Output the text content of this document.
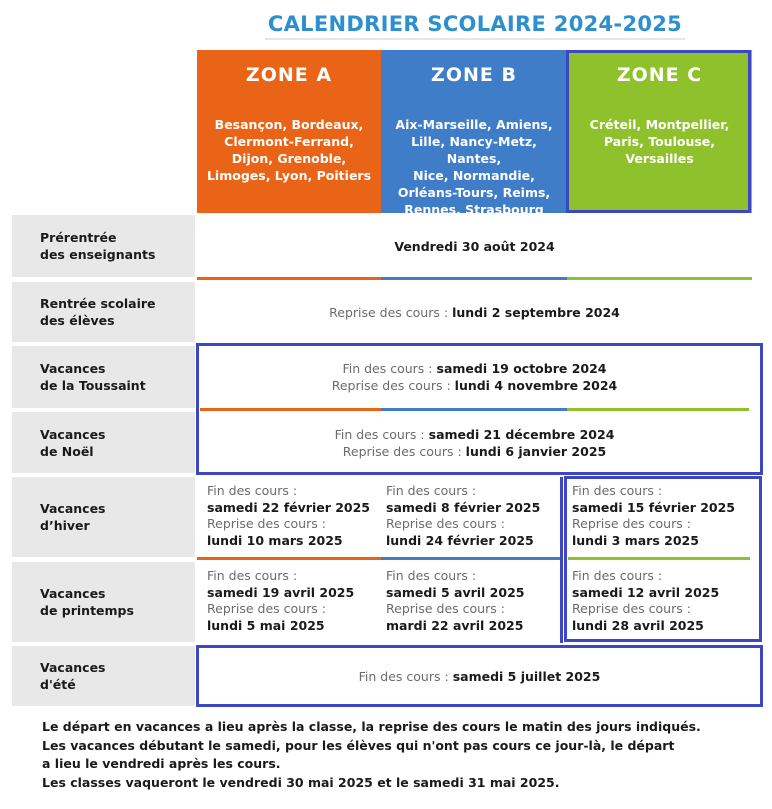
CALENDRIER SCOLAIRE 2024-2025
ZONE A	ZONE B	ZONE C
Besançon, Bordeaux,
Clermont-Ferrand,
Dijon, Grenoble,
Limoges, Lyon, Poitiers
Aix-Marseille, Amiens,
Lille, Nancy-Metz, Nantes,
Nice, Normandie,
Orléans-Tours, Reims,
Rennes, Strasbourg
Créteil, Montpellier,
Paris, Toulouse,
Versailles
Prérentrée
des enseignants
Vendredi 30 août 2024
Rentrée scolaire
des élèves
Reprise des cours :
lundi 2 septembre 2024
Vacances
de la Toussaint
Fin des cours : samedi 19 octobre 2024
Reprise des cours : lundi 4 novembre 2024
Vacances
de Noël
Fin des cours : samedi 21 décembre 2024
Reprise des cours : lundi 6 janvier 2025
Vacances
d’hiver
Fin des cours :
samedi 22 février 2025
Reprise des cours :
lundi 10 mars 2025
Fin des cours :
samedi 8 février 2025
Reprise des cours :
lundi 24 février 2025
Fin des cours :
samedi 15 février 2025
Reprise des cours :
lundi 3 mars 2025
Vacances
de printemps
Fin des cours :
samedi 19 avril 2025
Reprise des cours :
lundi 5 mai 2025
Fin des cours :
samedi 5 avril 2025
Reprise des cours :
mardi 22 avril 2025
Fin des cours :
samedi 12 avril 2025
Reprise des cours :
lundi 28 avril 2025
Vacances
d'été
Fin des cours :
samedi 5 juillet 2025
Le départ en vacances a lieu après la classe, la reprise des cours le matin des jours indiqués.
Les vacances débutant le samedi, pour les élèves qui n'ont pas cours ce jour-là, le départ
a lieu le vendredi après les cours.
Les classes vaqueront le vendredi 30 mai 2025 et le samedi 31 mai 2025.
